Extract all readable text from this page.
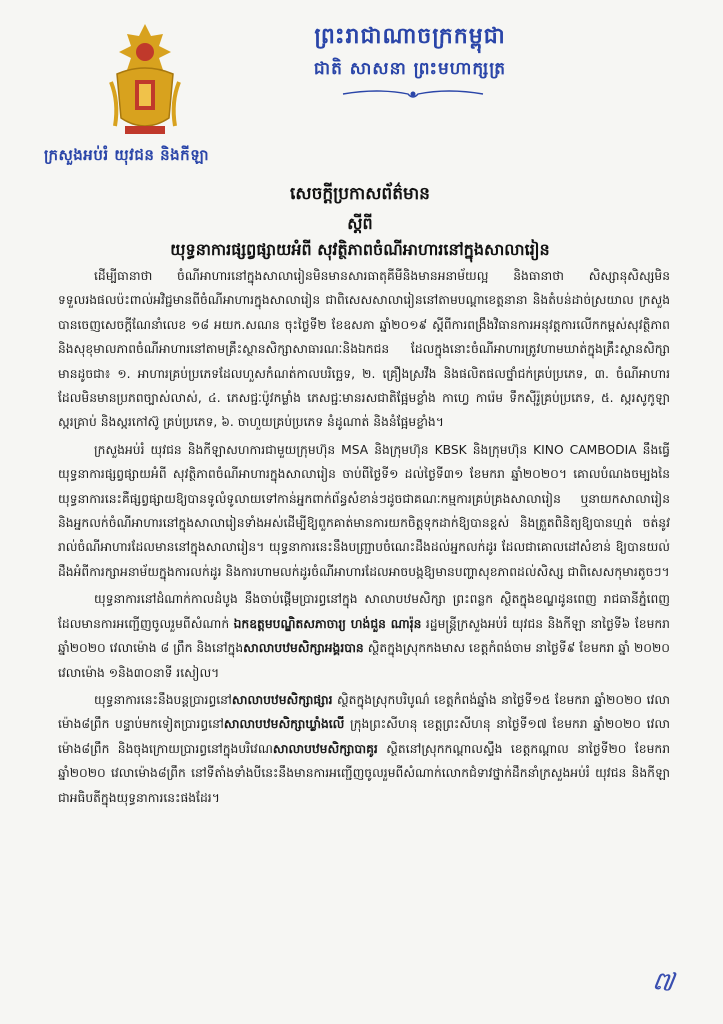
ក្រសួងអប់រំ យុវជន និងកីឡា
ព្រះរាជាណាចក្រកម្ពុជា
ជាតិ សាសនា ព្រះមហាក្សត្រ
សេចក្តីប្រកាសព័ត៌មាន
ស្តីពី
យុទ្ធនាការផ្សព្វផ្សាយអំពី សុវត្ថិភាពចំណីអាហារនៅក្នុងសាលារៀន

ដើម្បីធានាថា ចំណីអាហារនៅក្នុងសាលារៀនមិនមានសារធាតុគីមីនិងមានអនាម័យល្អ និងធានាថា សិស្សានុសិស្សមិនទទួលរងផលប៉ះពាល់អវិជ្ជមានពីចំណីអាហារក្នុងសាលារៀន ជាពិសេសសាលារៀននៅតាមបណ្តាខេត្តនានា និងតំបន់ដាច់ស្រយាល ក្រសួងបានចេញសេចក្តីណែនាំលេខ ១៨ អយក.សណន ចុះថ្ងៃទី២ ខែឧសភា ឆ្នាំ២០១៩ ស្តីពីការពង្រឹងវិធានការអនុវត្តការលើកកម្ពស់សុវត្ថិភាពនិងសុខុមាលភាពចំណីអាហារនៅតាមគ្រឹះស្ថានសិក្សាសាធារណៈនិងឯកជន ដែលក្នុងនោះចំណីអាហារត្រូវហាមឃាត់ក្នុងគ្រឹះស្ថានសិក្សា មានដូចជា៖ ១. អាហារគ្រប់ប្រភេទដែលហួសកំណត់កាលបរិច្ឆេទ, ២. គ្រឿងស្រវឹង និងផលិតផលថ្នាំជក់គ្រប់ប្រភេទ, ៣. ចំណីអាហារដែលមិនមានប្រភពច្បាស់លាស់, ៤. ភេសជ្ជៈប៉ូវកម្លាំង ភេសជ្ជៈមានរសជាតិផ្អែមខ្លាំង កាហ្វេ ការ៉េម ទឹកស៊ីរ៉ូគ្រប់ប្រភេទ, ៥. ស្ករសូកូឡា ស្ករគ្រាប់ និងស្ករកៅស៊ូ គ្រប់ប្រភេទ, ៦. ចាហួយគ្រប់ប្រភេទ នំដូណាត់ និងនំផ្អែមខ្លាំង។

ក្រសួងអប់រំ យុវជន និងកីឡាសហការជាមួយក្រុមហ៊ុន MSA និងក្រុមហ៊ុន KBSK និងក្រុមហ៊ុន KINO CAMBODIA នឹងធ្វើយុទ្ធនាការផ្សព្វផ្សាយអំពី សុវត្ថិភាពចំណីអាហារក្នុងសាលារៀន ចាប់ពីថ្ងៃទី១ ដល់ថ្ងៃទី៣១ ខែមករា ឆ្នាំ២០២០។ គោលបំណងចម្បងនៃយុទ្ធនាការនេះគឺផ្សព្វផ្សាយឱ្យបានទូលំទូលាយទៅកាន់អ្នកពាក់ព័ន្ធសំខាន់ៗដូចជាគណៈកម្មការគ្រប់គ្រងសាលារៀន ឬនាយកសាលារៀន និងអ្នកលក់ចំណីអាហារនៅក្នុងសាលារៀនទាំងអស់ដើម្បីឱ្យពួកគាត់មានការយកចិត្តទុកដាក់ឱ្យបានខ្ពស់ និងត្រួតពិនិត្យឱ្យបានហ្មត់ ចត់នូវរាល់ចំណីអាហារដែលមាននៅក្នុងសាលារៀន។ យុទ្ធនាការនេះនឹងបញ្ជ្រាបចំណេះដឹងដល់អ្នកលក់ដូរ ដែលជាគោលដៅសំខាន់ ឱ្យបានយល់ដឹងអំពីការក្សាអនាម័យក្នុងការលក់ដូរ និងការហាមលក់ដូរចំណីអាហារដែលអាចបង្កឱ្យមានបញ្ហាសុខភាពដល់សិស្ស ជាពិសេសកុមារតូចៗ។

យុទ្ធនាការនៅដំណាក់កាលដំបូង នឹងចាប់ផ្តើមប្រារព្ធនៅក្នុង សាលាបឋមសិក្សា ព្រះពន្លក ស្ថិតក្នុងខណ្ឌដូនពេញ រាជធានីភ្នំពេញ ដែលមានការអញ្ជើញចូលរួមពីសំណាក់ ឯកឧត្តមបណ្ឌិតសភាចារ្យ ហង់ជួន ណារ៉ុន រដ្ឋមន្ត្រីក្រសួងអប់រំ យុវជន និងកីឡា នាថ្ងៃទី៦ ខែមករា ឆ្នាំ២០២០ វេលាម៉ោង ៨ ព្រឹក និងនៅក្នុងសាលាបឋមសិក្សាអង្គរបាន ស្ថិតក្នុងស្រុកកងមាស ខេត្តកំពង់ចាម នាថ្ងៃទី៩ ខែមករា ឆ្នាំ ២០២០ វេលាម៉ោង ១និង៣០នាទី រសៀល។

យុទ្ធនាការនេះនឹងបន្តប្រារព្ធនៅសាលាបឋមសិក្សាផ្សារ ស្ថិតក្នុងស្រុកបរិបូណ៌ ខេត្តកំពង់ឆ្នាំង នាថ្ងៃទី១៥ ខែមករា ឆ្នាំ២០២០ វេលាម៉ោង៨ព្រឹក បន្ទាប់មកទៀតប្រារព្ធនៅសាលាបឋមសិក្សាឃ្លាំងលើ ក្រុងព្រះសីហនុ ខេត្តព្រះសីហនុ នាថ្ងៃទី១៧ ខែមករា ឆ្នាំ២០២០ វេលាម៉ោង៨ព្រឹក និងចុងក្រោយប្រារព្ធនៅក្នុងបរិវេណសាលាបឋមសិក្សាបាគូរ ស្ថិតនៅស្រុកកណ្តាលស្ទឹង ខេត្តកណ្តាល នាថ្ងៃទី២០ ខែមករា ឆ្នាំ២០២០ វេលាម៉ោង៨ព្រឹក នៅទីតាំងទាំងបីនេះនឹងមានការអញ្ជើញចូលរួមពីសំណាក់លោកជំទាវថ្នាក់ដឹកនាំក្រសួងអប់រំ យុវជន និងកីឡា ជាអធិបតីក្នុងយុទ្ធនាការនេះផងដែរ។

៧
